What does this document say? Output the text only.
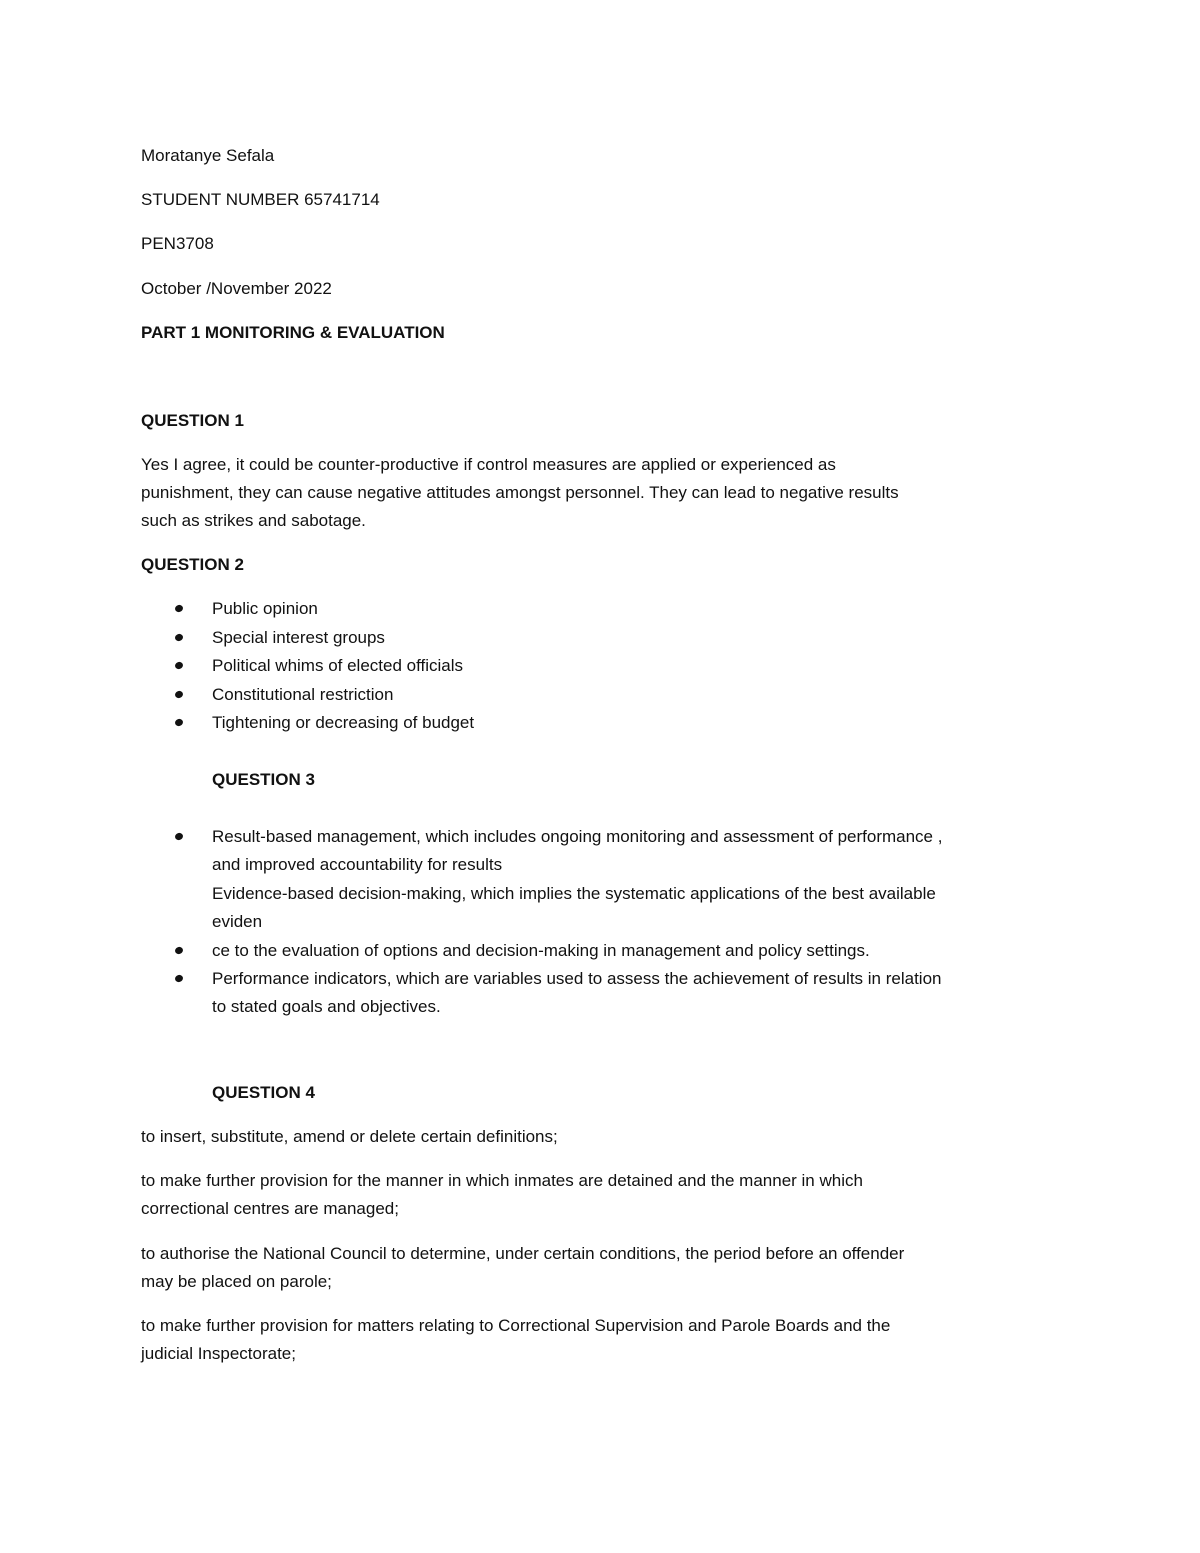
Moratanye Sefala
STUDENT NUMBER 65741714
PEN3708
October /November 2022
PART 1 MONITORING & EVALUATION
QUESTION 1
Yes I agree, it could be counter-productive if control measures are applied or experienced as
punishment, they can cause negative attitudes amongst personnel. They can lead to negative results
such as strikes and sabotage.
QUESTION 2
Public opinion
Special interest groups
Political whims of elected officials
Constitutional restriction
Tightening or decreasing of budget
QUESTION 3
Result-based management, which includes ongoing monitoring and assessment of performance ,
and improved accountability for results
Evidence-based decision-making, which implies the systematic applications of the best available
eviden
ce to the evaluation of options and decision-making in management and policy settings.
Performance indicators, which are variables used to assess the achievement of results in relation
to stated goals and objectives.
QUESTION 4
to insert, substitute, amend or delete certain definitions;
to make further provision for the manner in which inmates are detained and the manner in which
correctional centres are managed;
to authorise the National Council to determine, under certain conditions, the period before an offender
may be placed on parole;
to make further provision for matters relating to Correctional Supervision and Parole Boards and the
judicial Inspectorate;
